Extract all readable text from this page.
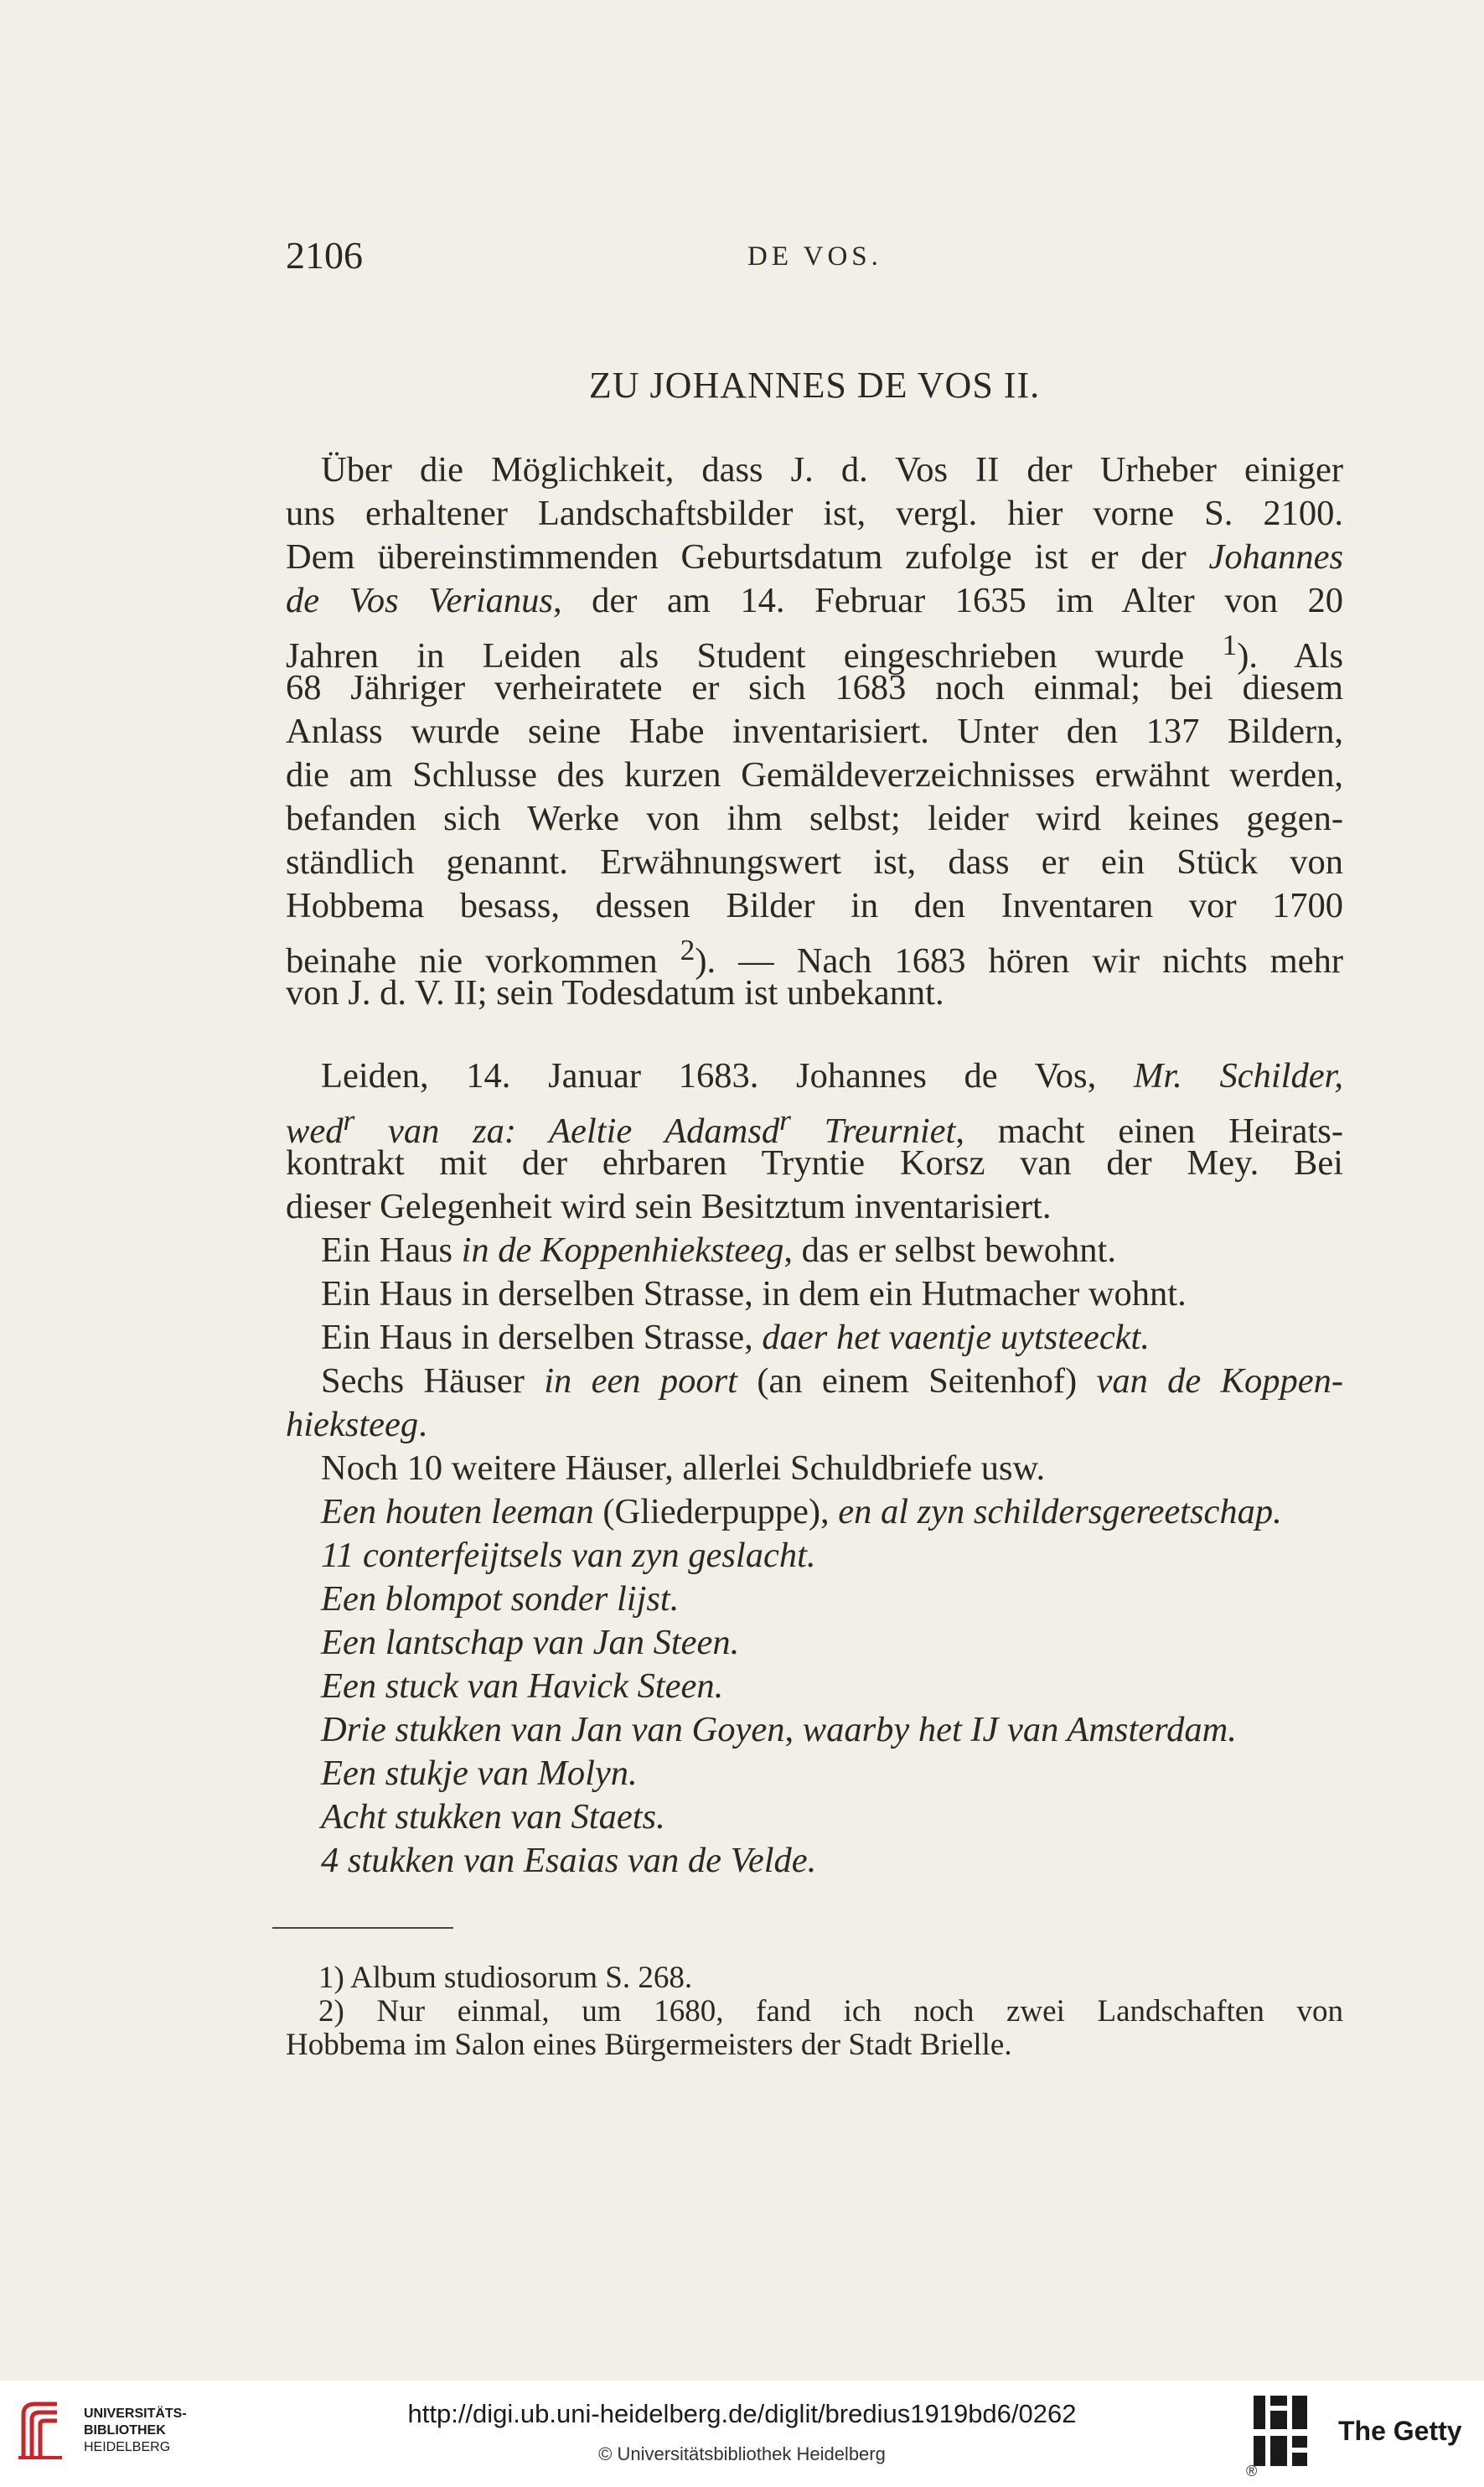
2106	DE VOS.
ZU JOHANNES DE VOS II.
Über die Möglichkeit, dass J. d. Vos II der Urheber einiger
uns erhaltener Landschaftsbilder ist, vergl. hier vorne S. 2100.
Dem übereinstimmenden Geburtsdatum zufolge ist er der Johannes
de Vos Verianus, der am 14. Februar 1635 im Alter von 20
Jahren in Leiden als Student eingeschrieben wurde $^1$). Als
68 Jähriger verheiratete er sich 1683 noch einmal; bei diesem
Anlass wurde seine Habe inventarisiert. Unter den 137 Bildern,
die am Schlusse des kurzen Gemäldeverzeichnisses erwähnt werden,
befanden sich Werke von ihm selbst; leider wird keines gegen-
ständlich genannt. Erwähnungswert ist, dass er ein Stück von
Hobbema besass, dessen Bilder in den Inventaren vor 1700
beinahe nie vorkommen $^2$). — Nach 1683 hören wir nichts mehr
von J. d. V. II; sein Todesdatum ist unbekannt.
Leiden, 14. Januar 1683. Johannes de Vos, Mr. Schilder,
wed$^r$ van za: Aeltie Adamsd$^r$ Treurniet, macht einen Heirats-
kontrakt mit der ehrbaren Tryntie Korsz van der Mey. Bei
dieser Gelegenheit wird sein Besitztum inventarisiert.
Ein Haus in de Koppenhieksteeg, das er selbst bewohnt.
Ein Haus in derselben Strasse, in dem ein Hutmacher wohnt.
Ein Haus in derselben Strasse, daer het vaentje uytsteeckt.
Sechs Häuser in een poort (an einem Seitenhof) van de Koppen-
hieksteeg.
Noch 10 weitere Häuser, allerlei Schuldbriefe usw.
Een houten leeman (Gliederpuppe), en al zyn schildersgereetschap.
11 conterfeijtsels van zyn geslacht.
Een blompot sonder lijst.
Een lantschap van Jan Steen.
Een stuck van Havick Steen.
Drie stukken van Jan van Goyen, waarby het IJ van Amsterdam.
Een stukje van Molyn.
Acht stukken van Staets.
4 stukken van Esaias van de Velde.
1) Album studiosorum S. 268.
2) Nur einmal, um 1680, fand ich noch zwei Landschaften von
Hobbema im Salon eines Bürgermeisters der Stadt Brielle.
UNIVERSITÄTS-
BIBLIOTHEK
HEIDELBERG
http://digi.ub.uni-heidelberg.de/diglit/bredius1919bd6/0262
© Universitätsbibliothek Heidelberg
®
The Getty
